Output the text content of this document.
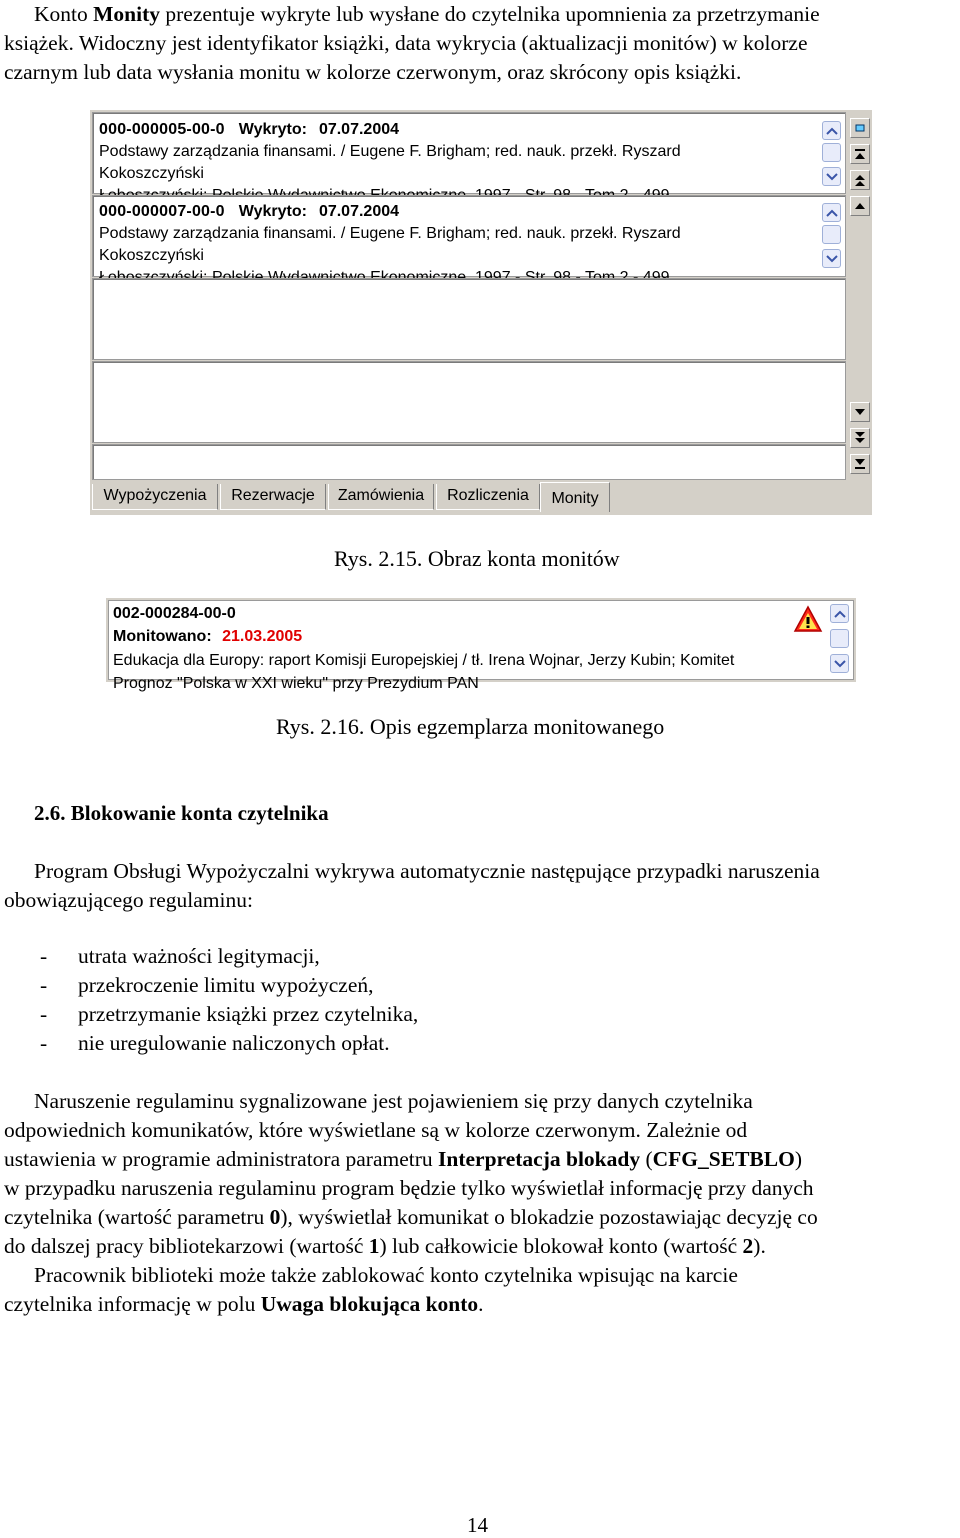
Konto Monity prezentuje wykryte lub wysłane do czytelnika upomnienia za przetrzymanie
książek. Widoczny jest identyfikator książki, data wykrycia (aktualizacji monitów) w kolorze
czarnym lub data wysłania monitu w kolorze czerwonym, oraz skrócony opis książki.
000-000005-00-0 Wykryto: 07.07.2004
Podstawy zarządzania finansami. / Eugene F. Brigham; red. nauk. przekł. Ryszard
Kokoszczyński
000-000007-00-0 Wykryto: 07.07.2004
Podstawy zarządzania finansami. / Eugene F. Brigham; red. nauk. przekł. Ryszard
Kokoszczyński
Wypożyczenia	Rezerwacje	Zamówienia	Rozliczenia	Monity
Rys. 2.15. Obraz konta monitów
002-000284-00-0
Monitowano: 21.03.2005
Edukacja dla Europy: raport Komisji Europejskiej / tł. Irena Wojnar, Jerzy Kubin; Komitet
Prognoz "Polska w XXI wieku" przy Prezydium PAN
Rys. 2.16. Opis egzemplarza monitowanego
2.6. Blokowanie konta czytelnika
Program Obsługi Wypożyczalni wykrywa automatycznie następujące przypadki naruszenia
obowiązującego regulaminu:
- utrata ważności legitymacji,
- przekroczenie limitu wypożyczeń,
- przetrzymanie książki przez czytelnika,
- nie uregulowanie naliczonych opłat.
Naruszenie regulaminu sygnalizowane jest pojawieniem się przy danych czytelnika
odpowiednich komunikatów, które wyświetlane są w kolorze czerwonym. Zależnie od
ustawienia w programie administratora parametru Interpretacja blokady (CFG_SETBLO)
w przypadku naruszenia regulaminu program będzie tylko wyświetlał informację przy danych
czytelnika (wartość parametru 0), wyświetlał komunikat o blokadzie pozostawiając decyzję co
do dalszej pracy bibliotekarzowi (wartość 1) lub całkowicie blokował konto (wartość 2).
Pracownik biblioteki może także zablokować konto czytelnika wpisując na karcie
czytelnika informację w polu Uwaga blokująca konto.
14
